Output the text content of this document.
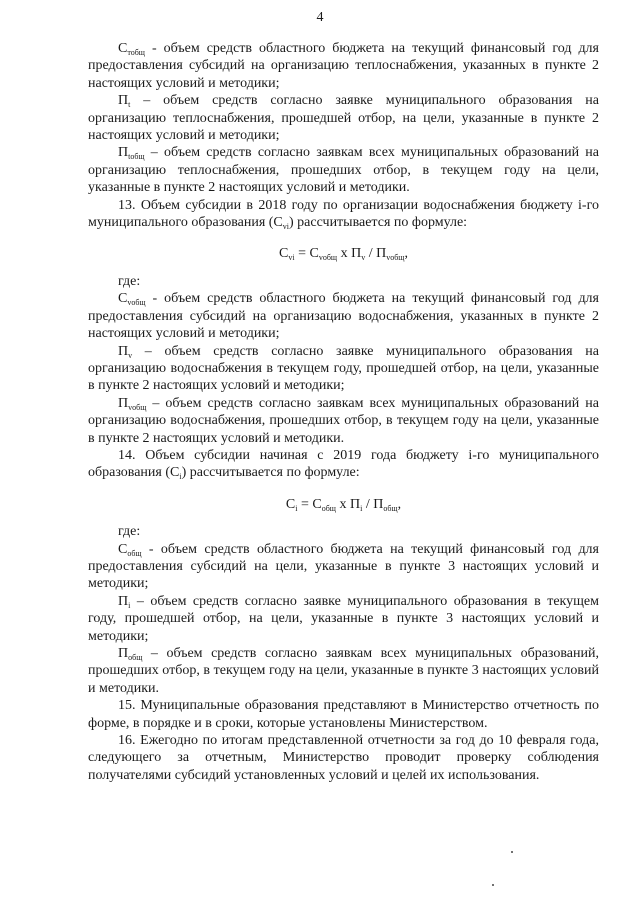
4

$С_{тобщ}$ - объем средств областного бюджета на текущий финансовый год для предоставления субсидий на организацию теплоснабжения, указанных в пункте 2 настоящих условий и методики;

$П_t$ – объем средств согласно заявке муниципального образования на организацию теплоснабжения, прошедшей отбор, на цели, указанные в пункте 2 настоящих условий и методики;

$П_{tобщ}$ – объем средств согласно заявкам всех муниципальных образований на организацию теплоснабжения, прошедших отбор, в текущем году на цели, указанные в пункте 2 настоящих условий и методики.

13. Объем субсидии в 2018 году по организации водоснабжения бюджету i-го муниципального образования $(С_{vi})$ рассчитывается по формуле:

$С_{vi} = С_{vобщ}$ х $П_v / П_{vобщ}$,

где:

$С_{vобщ}$ - объем средств областного бюджета на текущий финансовый год для предоставления субсидий на организацию водоснабжения, указанных в пункте 2 настоящих условий и методики;

$П_v$ – объем средств согласно заявке муниципального образования на организацию водоснабжения в текущем году, прошедшей отбор, на цели, указанные в пункте 2 настоящих условий и методики;

$П_{vобщ}$ – объем средств согласно заявкам всех муниципальных образований на организацию водоснабжения, прошедших отбор, в текущем году на цели, указанные в пункте 2 настоящих условий и методики.

14. Объем субсидии начиная с 2019 года бюджету i-го муниципального образования $(С_i)$ рассчитывается по формуле:

$С_i = С_{общ}$ х $П_i / П_{общ}$,

где:

$С_{общ}$ - объем средств областного бюджета на текущий финансовый год для предоставления субсидий на цели, указанные в пункте 3 настоящих условий и методики;

$П_i$ – объем средств согласно заявке муниципального образования в текущем году, прошедшей отбор, на цели, указанные в пункте 3 настоящих условий и методики;

$П_{общ}$ – объем средств согласно заявкам всех муниципальных образований, прошедших отбор, в текущем году на цели, указанные в пункте 3 настоящих условий и методики.

15. Муниципальные образования представляют в Министерство отчетность по форме, в порядке и в сроки, которые установлены Министерством.

16. Ежегодно по итогам представленной отчетности за год до 10 февраля года, следующего за отчетным, Министерство проводит проверку соблюдения получателями субсидий установленных условий и целей их использования.
